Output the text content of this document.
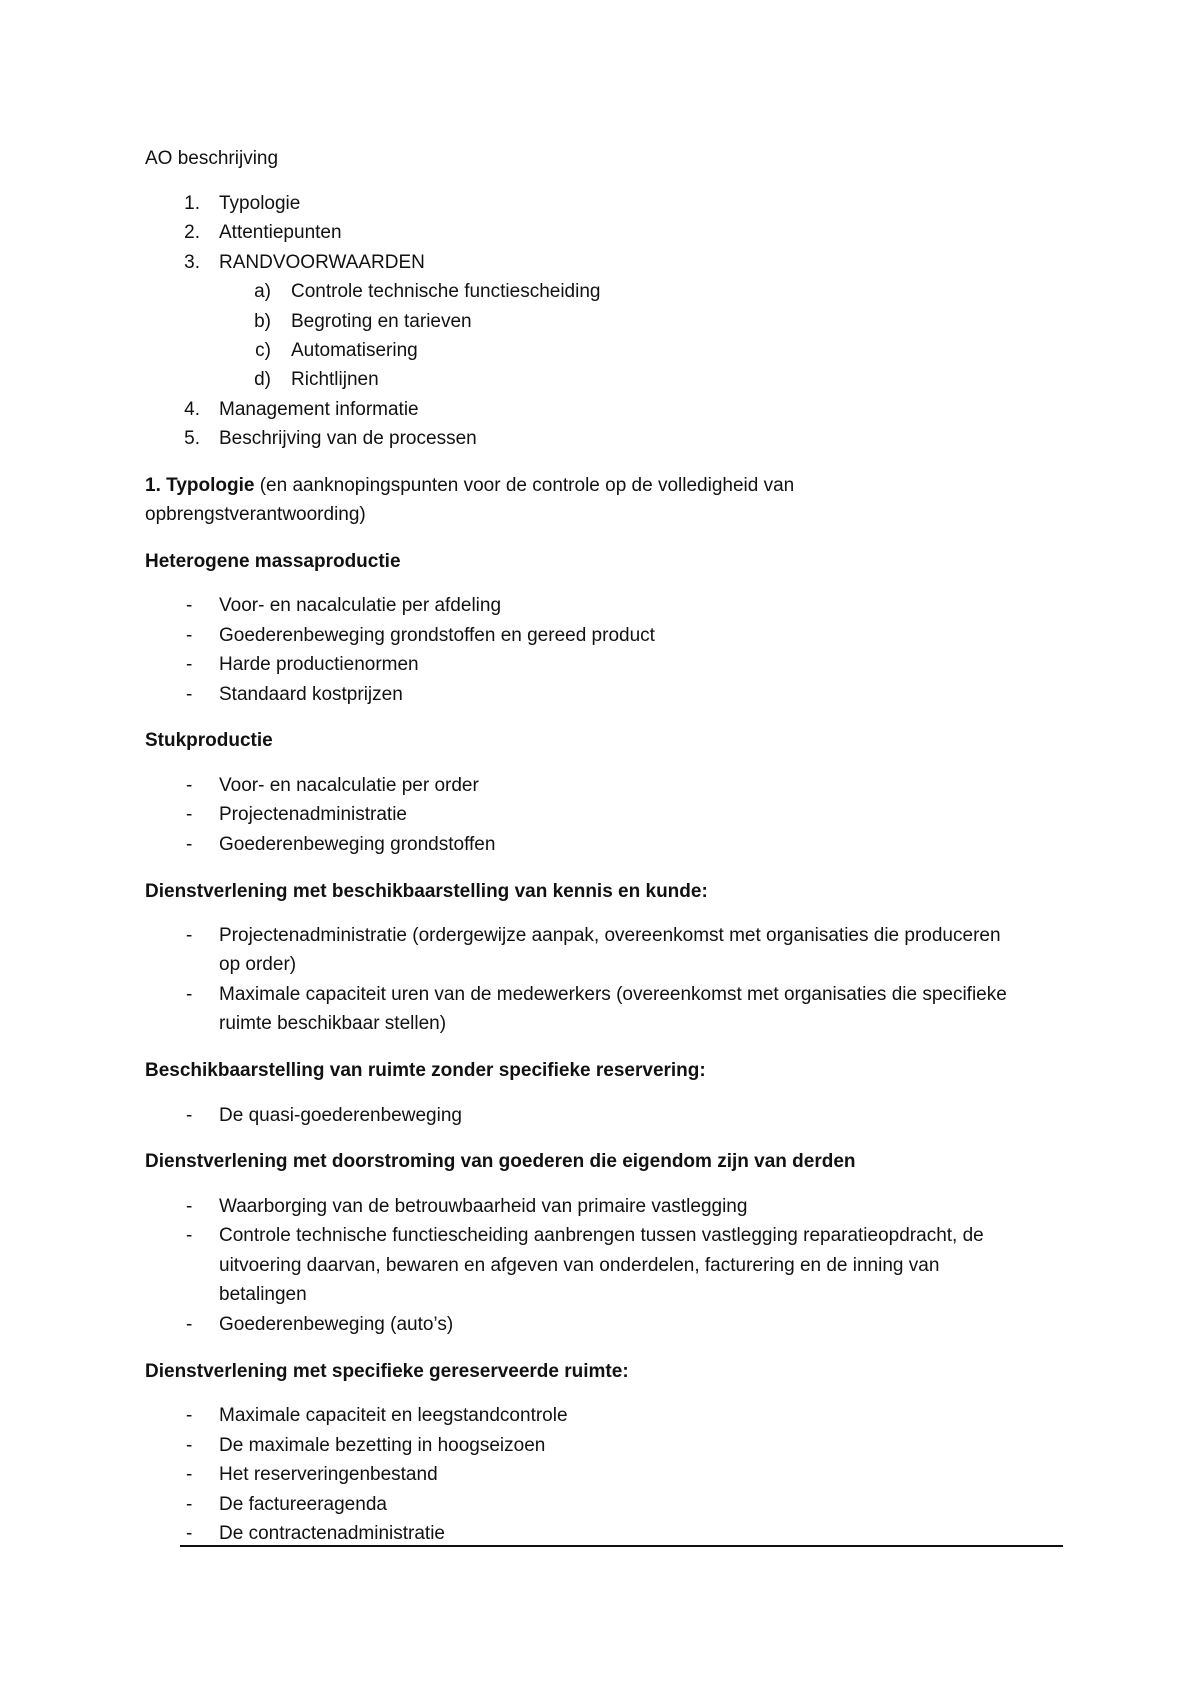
AO beschrijving
1. Typologie
2. Attentiepunten
3. RANDVOORWAARDEN
a) Controle technische functiescheiding
b) Begroting en tarieven
c) Automatisering
d) Richtlijnen
4. Management informatie
5. Beschrijving van de processen
1. Typologie (en aanknopingspunten voor de controle op de volledigheid van
opbrengstverantwoording)
Heterogene massaproductie
- Voor- en nacalculatie per afdeling
- Goederenbeweging grondstoffen en gereed product
- Harde productienormen
- Standaard kostprijzen
Stukproductie
- Voor- en nacalculatie per order
- Projectenadministratie
- Goederenbeweging grondstoffen
Dienstverlening met beschikbaarstelling van kennis en kunde:
- Projectenadministratie (ordergewijze aanpak, overeenkomst met organisaties die produceren
op order)
- Maximale capaciteit uren van de medewerkers (overeenkomst met organisaties die specifieke
ruimte beschikbaar stellen)
Beschikbaarstelling van ruimte zonder specifieke reservering:
- De quasi-goederenbeweging
Dienstverlening met doorstroming van goederen die eigendom zijn van derden
- Waarborging van de betrouwbaarheid van primaire vastlegging
- Controle technische functiescheiding aanbrengen tussen vastlegging reparatieopdracht, de
uitvoering daarvan, bewaren en afgeven van onderdelen, facturering en de inning van
betalingen
- Goederenbeweging (auto’s)
Dienstverlening met specifieke gereserveerde ruimte:
- Maximale capaciteit en leegstandcontrole
- De maximale bezetting in hoogseizoen
- Het reserveringenbestand
- De factureeragenda
- De contractenadministratie
